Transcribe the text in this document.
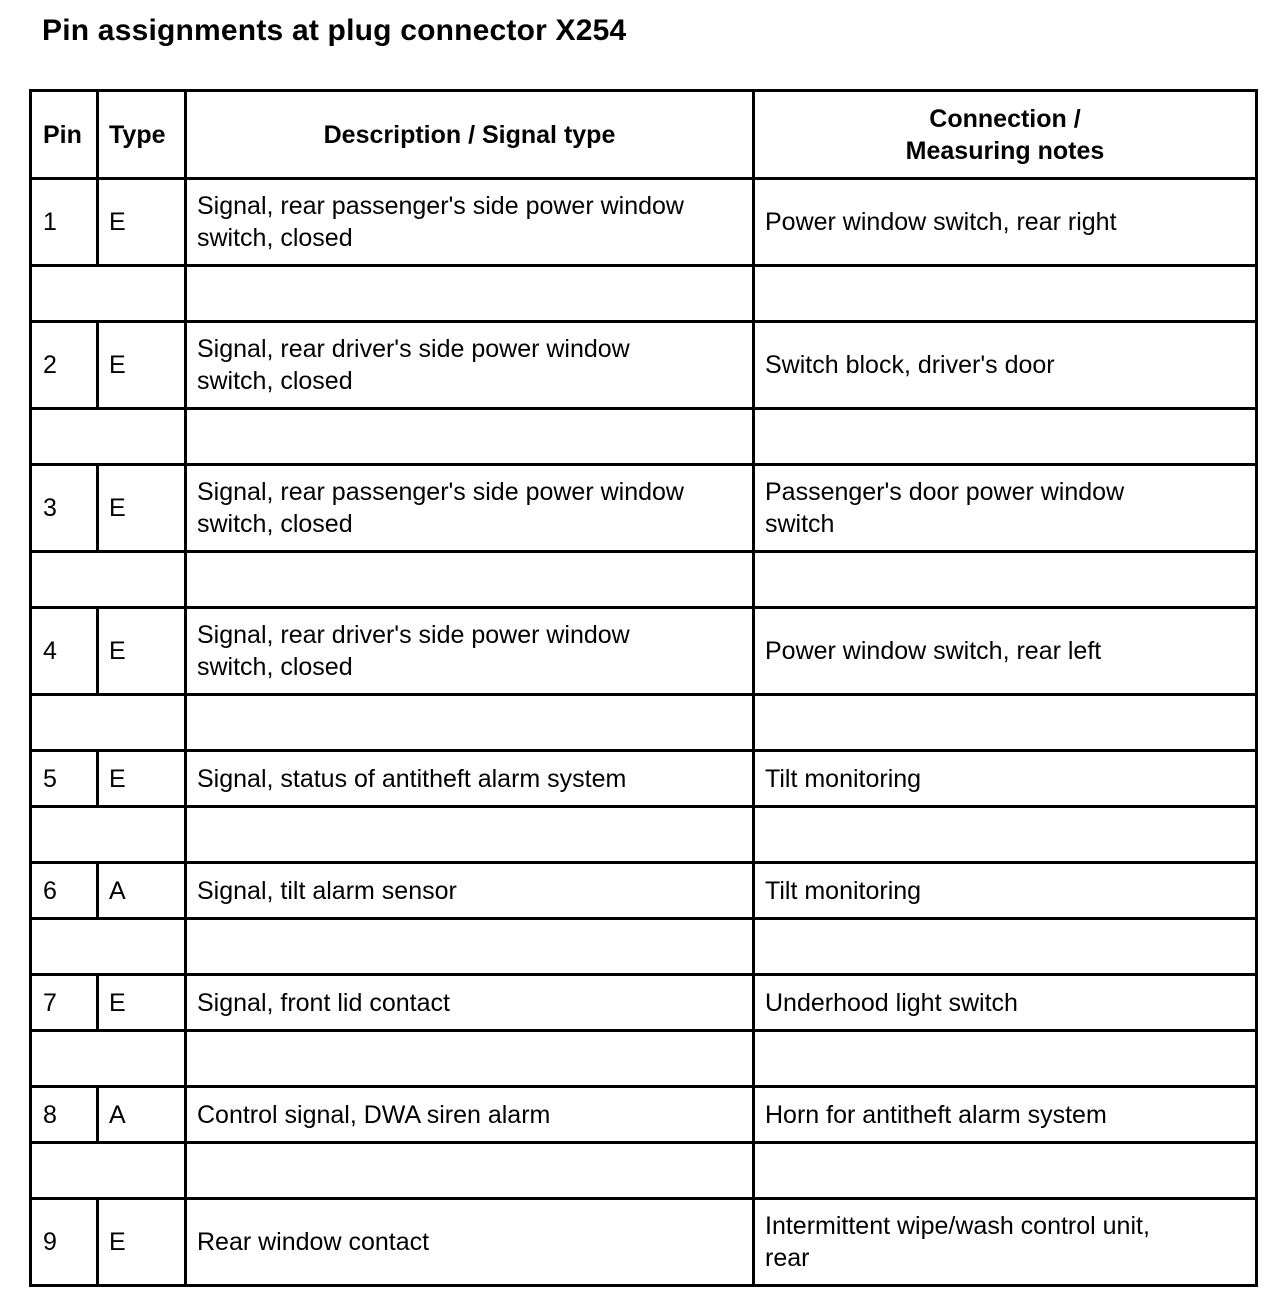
Pin assignments at plug connector X254
Pin	Type	Description / Signal type	Connection /
Measuring notes
1	E	Signal, rear passenger's side power window
switch, closed	Power window switch, rear right

2	E	Signal, rear driver's side power window
switch, closed	Switch block, driver's door

3	E	Signal, rear passenger's side power window
switch, closed	Passenger's door power window
switch

4	E	Signal, rear driver's side power window
switch, closed	Power window switch, rear left

5	E	Signal, status of antitheft alarm system	Tilt monitoring

6	A	Signal, tilt alarm sensor	Tilt monitoring

7	E	Signal, front lid contact	Underhood light switch

8	A	Control signal, DWA siren alarm	Horn for antitheft alarm system

9	E	Rear window contact	Intermittent wipe/wash control unit,
rear
